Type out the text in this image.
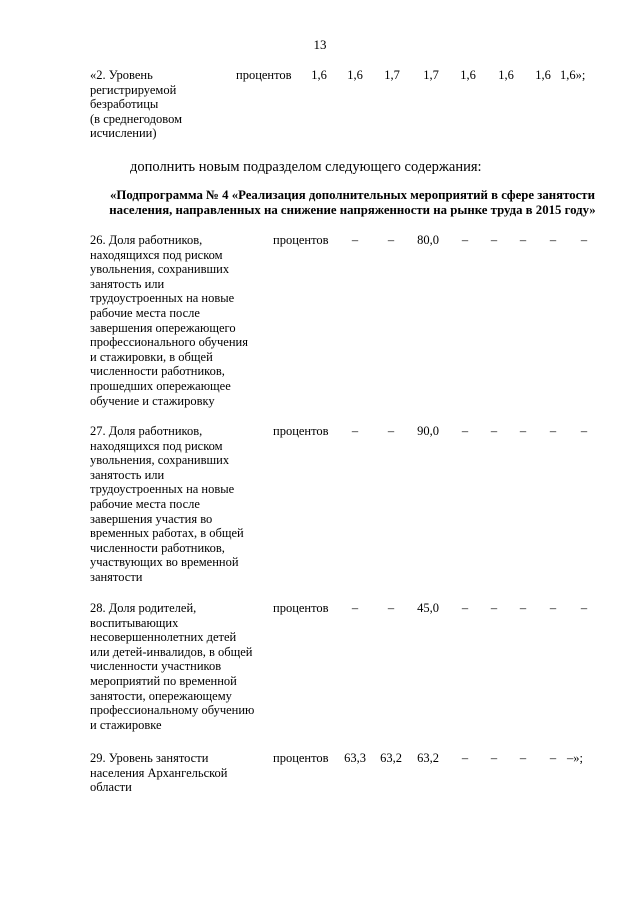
13
«2. Уровень
регистрируемой
безработицы
(в среднегодовом
исчислении)
процентов	1,6	1,6	1,7	1,7	1,6	1,6	1,6 1,6»;
дополнить новым подразделом следующего содержания:
«Подпрограмма № 4 «Реализация дополнительных мероприятий в сфере занятости населения, направленных на снижение напряженности на рынке труда в 2015 году»
26. Доля работников,
находящихся под риском
увольнения, сохранивших
занятость или
трудоустроенных на новые
рабочие места после
завершения опережающего
профессионального обучения
и стажировки, в общей
численности работников,
прошедших опережающее
обучение и стажировку
процентов	–	–	80,0	–	–	–	–	–
27. Доля работников,
находящихся под риском
увольнения, сохранивших
занятость или
трудоустроенных на новые
рабочие места после
завершения участия во
временных работах, в общей
численности работников,
участвующих во временной
занятости
процентов	–	–	90,0	–	–	–	–	–
28. Доля родителей,
воспитывающих
несовершеннолетних детей
или детей-инвалидов, в общей
численности участников
мероприятий по временной
занятости, опережающему
профессиональному обучению
и стажировке
процентов	–	–	45,0	–	–	–	–	–
29. Уровень занятости
населения Архангельской
области
процентов 63,3 63,2 63,2	–	–	–	– –»;
